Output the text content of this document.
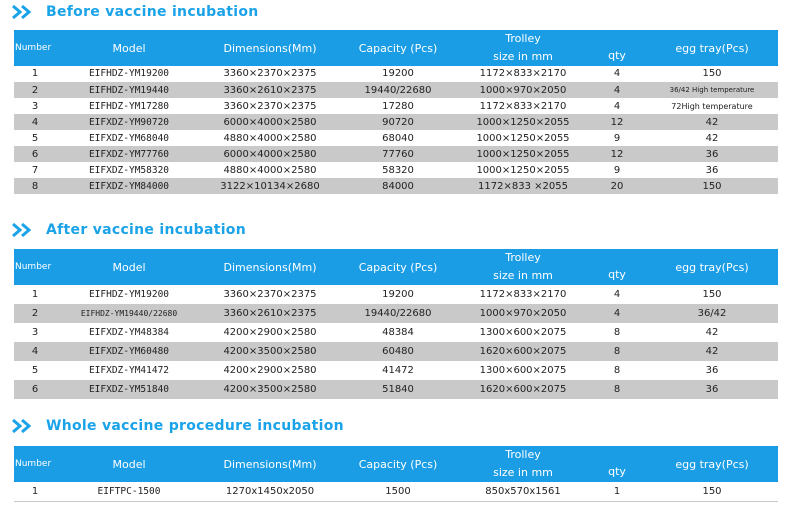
Before vaccine incubation
Number	Model	Dimensions(Mm)	Capacity (Pcs)	Trolley
size in mm	qty	egg tray(Pcs)
1	EIFHDZ-YM19200	3360×2370×2375	19200	1172×833×2170	4	150
2	EIFHDZ-YM19440	3360×2610×2375	19440/22680	1000×970×2050	4	36/42 High temperature
3	EIFHDZ-YM17280	3360×2370×2375	17280	1172×833×2170	4	72High temperature
4	EIFXDZ-YM90720	6000×4000×2580	90720	1000×1250×2055	12	42
5	EIFXDZ-YM68040	4880×4000×2580	68040	1000×1250×2055	9	42
6	EIFXDZ-YM77760	6000×4000×2580	77760	1000×1250×2055	12	36
7	EIFXDZ-YM58320	4880×4000×2580	58320	1000×1250×2055	9	36
8	EIFXDZ-YM84000	3122×10134×2680	84000	1172×833 ×2055	20	150
After vaccine incubation
Number	Model	Dimensions(Mm)	Capacity (Pcs)	Trolley
size in mm	qty	egg tray(Pcs)
1	EIFHDZ-YM19200	3360×2370×2375	19200	1172×833×2170	4	150
2	EIFHDZ-YM19440/22680	3360×2610×2375	19440/22680	1000×970×2050	4	36/42
3	EIFXDZ-YM48384	4200×2900×2580	48384	1300×600×2075	8	42
4	EIFXDZ-YM60480	4200×3500×2580	60480	1620×600×2075	8	42
5	EIFXDZ-YM41472	4200×2900×2580	41472	1300×600×2075	8	36
6	EIFXDZ-YM51840	4200×3500×2580	51840	1620×600×2075	8	36
Whole vaccine procedure incubation
Number	Model	Dimensions(Mm)	Capacity (Pcs)	Trolley
size in mm	qty	egg tray(Pcs)
1	EIFTPC-1500	1270x1450x2050	1500	850x570x1561	1	150
